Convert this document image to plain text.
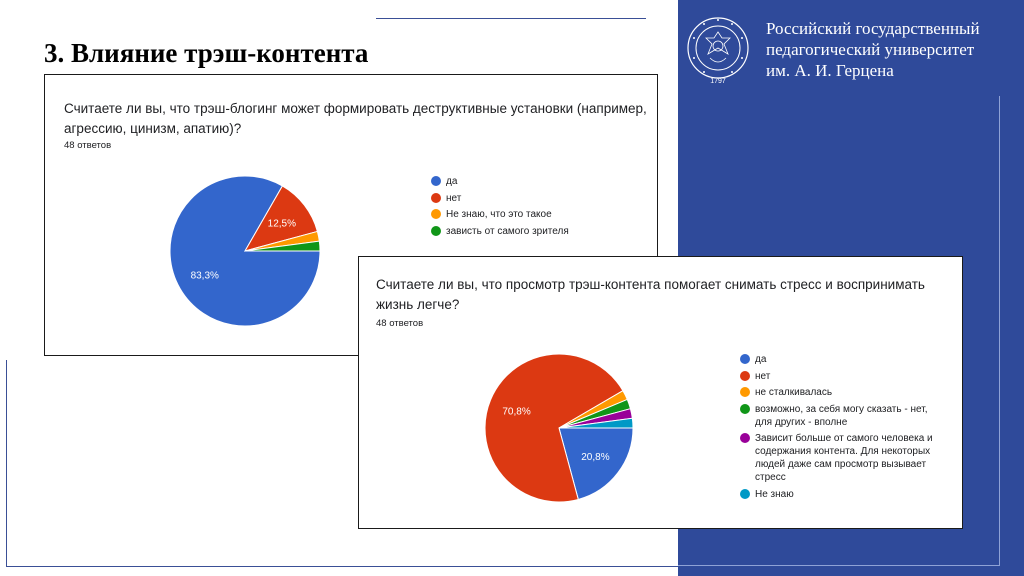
3. Влияние трэш-контента
1797
Российский государственный
педагогический университет
им. А. И. Герцена
Считаете ли вы, что трэш-блогинг может формировать деструктивные установки (например,
агрессию, цинизм, апатию)?
48 ответов
83,3%
12,5%
да
нет
Не знаю, что это такое
зависть от самого зрителя
Считаете ли вы, что просмотр трэш-контента помогает снимать стресс и воспринимать
жизнь легче?
48 ответов
20,8%
70,8%
да
нет
не сталкивалась
возможно, за себя могу сказать - нет,
для других - вполне
Зависит больше от самого человека и
содержания контента. Для некоторых
людей даже сам просмотр вызывает
стресс
Не знаю
